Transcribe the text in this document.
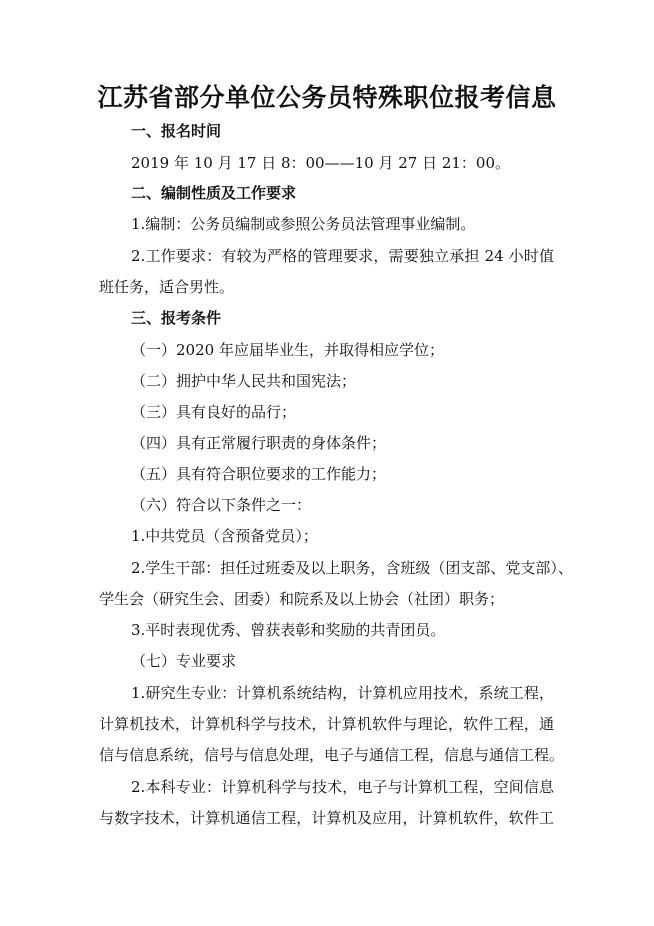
江苏省部分单位公务员特殊职位报考信息
一、报名时间
2019 年 10 月 17 日 8：00——10 月 27 日 21：00。
二、编制性质及工作要求
1.编制：公务员编制或参照公务员法管理事业编制。
2.工作要求：有较为严格的管理要求，需要独立承担 24 小时值
班任务，适合男性。
三、报考条件
（一）2020 年应届毕业生，并取得相应学位；
（二）拥护中华人民共和国宪法；
（三）具有良好的品行；
（四）具有正常履行职责的身体条件；
（五）具有符合职位要求的工作能力；
（六）符合以下条件之一：
1.中共党员（含预备党员）；
2.学生干部：担任过班委及以上职务，含班级（团支部、党支部）、
学生会（研究生会、团委）和院系及以上协会（社团）职务；
3.平时表现优秀、曾获表彰和奖励的共青团员。
（七）专业要求
1.研究生专业：计算机系统结构，计算机应用技术，系统工程，
计算机技术，计算机科学与技术，计算机软件与理论，软件工程，通
信与信息系统，信号与信息处理，电子与通信工程，信息与通信工程。
2.本科专业：计算机科学与技术，电子与计算机工程，空间信息
与数字技术，计算机通信工程，计算机及应用，计算机软件，软件工
